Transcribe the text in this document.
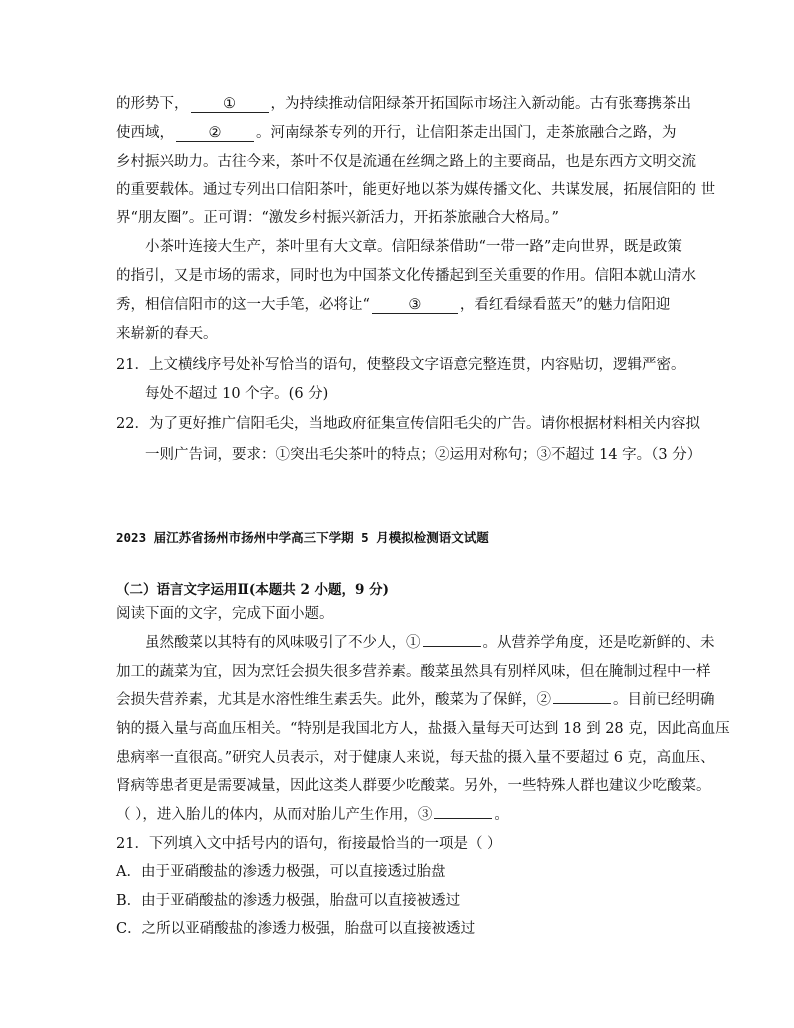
的形势下， ① ，为持续推动信阳绿茶开拓国际市场注入新动能。古有张骞携茶出
使西域， ② 。河南绿茶专列的开行，让信阳茶走出国门，走茶旅融合之路，为
乡村振兴助力。古往今来，茶叶不仅是流通在丝绸之路上的主要商品，也是东西方文明交流
的重要载体。通过专列出口信阳茶叶，能更好地以茶为媒传播文化、共谋发展，拓展信阳的 世
界“朋友圈”。正可谓：“激发乡村振兴新活力，开拓茶旅融合大格局。”
小茶叶连接大生产，茶叶里有大文章。信阳绿茶借助“一带一路”走向世界，既是政策
的指引，又是市场的需求，同时也为中国茶文化传播起到至关重要的作用。信阳本就山清水
秀，相信信阳市的这一大手笔，必将让“	③	，看红看绿看蓝天”的魅力信阳迎
来崭新的春天。
21．上文横线序号处补写恰当的语句，使整段文字语意完整连贯，内容贴切，逻辑严密。
每处不超过 10 个字。(6 分)
22．为了更好推广信阳毛尖，当地政府征集宣传信阳毛尖的广告。请你根据材料相关内容拟
一则广告词，要求：①突出毛尖茶叶的特点；②运用对称句；③不超过 14 字。（3 分）
2023 届江苏省扬州市扬州中学高三下学期 5 月模拟检测语文试题
（二）语言文字运用Ⅱ(本题共 2 小题，9 分)
阅读下面的文字，完成下面小题。
虽然酸菜以其特有的风味吸引了不少人，①	。从营养学角度，还是吃新鲜的、未
加工的蔬菜为宜，因为烹饪会损失很多营养素。酸菜虽然具有别样风味，但在腌制过程中一样
会损失营养素，尤其是水溶性维生素丢失。此外，酸菜为了保鲜，②	。目前已经明确
钠的摄入量与高血压相关。“特别是我国北方人，盐摄入量每天可达到 18 到 28 克，因此高血压
患病率一直很高。”研究人员表示，对于健康人来说，每天盐的摄入量不要超过 6 克，高血压、
肾病等患者更是需要减量，因此这类人群要少吃酸菜。另外，一些特殊人群也建议少吃酸菜。
（ ），进入胎儿的体内，从而对胎儿产生作用，③	。
21．下列填入文中括号内的语句，衔接最恰当的一项是（ ）
A．由于亚硝酸盐的渗透力极强，可以直接透过胎盘
B．由于亚硝酸盐的渗透力极强，胎盘可以直接被透过
C．之所以亚硝酸盐的渗透力极强，胎盘可以直接被透过
